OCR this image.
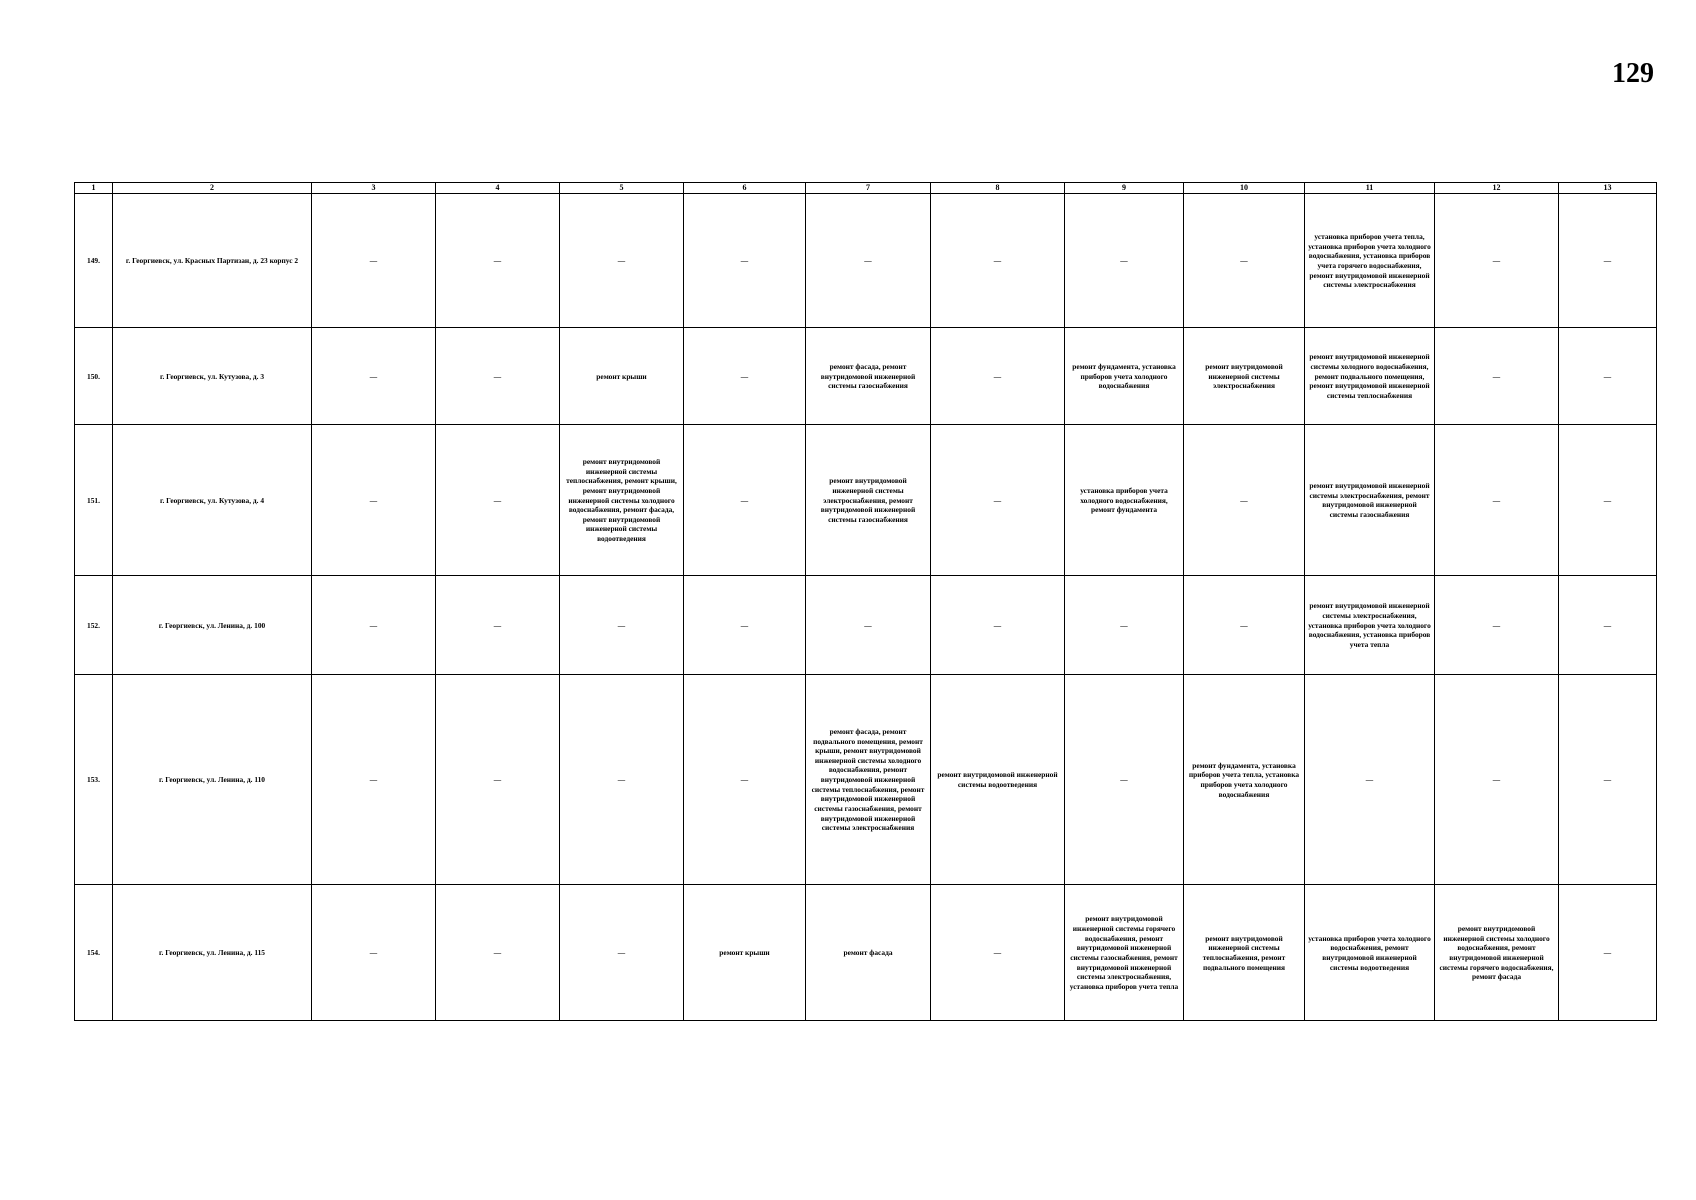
129
1	2	3	4	5	6	7	8	9	10	11	12	13
149.	г. Георгиевск, ул. Красных Партизан, д. 23 корпус 2	—	—	—	—	—	—	—	—	установка приборов учета тепла, установка приборов учета холодного водоснабжения, установка приборов учета горячего водоснабжения, ремонт внутридомовой инженерной системы электроснабжения	—	—
150.	г. Георгиевск, ул. Кутузова, д. 3	—	—	ремонт крыши	—	ремонт фасада, ремонт внутридомовой инженерной системы газоснабжения	—	ремонт фундамента, установка приборов учета холодного водоснабжения	ремонт внутридомовой инженерной системы электроснабжения	ремонт внутридомовой инженерной системы холодного водоснабжения, ремонт подвального помещения, ремонт внутридомовой инженерной системы теплоснабжения	—	—
151.	г. Георгиевск, ул. Кутузова, д. 4	—	—	ремонт внутридомовой инженерной системы теплоснабжения, ремонт крыши, ремонт внутридомовой инженерной системы холодного водоснабжения, ремонт фасада, ремонт внутридомовой инженерной системы водоотведения	—	ремонт внутридомовой инженерной системы электроснабжения, ремонт внутридомовой инженерной системы газоснабжения	—	установка приборов учета холодного водоснабжения, ремонт фундамента	—	ремонт внутридомовой инженерной системы электроснабжения, ремонт внутридомовой инженерной системы газоснабжения	—	—
152.	г. Георгиевск, ул. Ленина, д. 100	—	—	—	—	—	—	—	—	ремонт внутридомовой инженерной системы электроснабжения, установка приборов учета холодного водоснабжения, установка приборов учета тепла	—	—
153.	г. Георгиевск, ул. Ленина, д. 110	—	—	—	—	ремонт фасада, ремонт подвального помещения, ремонт крыши, ремонт внутридомовой инженерной системы холодного водоснабжения, ремонт внутридомовой инженерной системы теплоснабжения, ремонт внутридомовой инженерной системы газоснабжения, ремонт внутридомовой инженерной системы электроснабжения	ремонт внутридомовой инженерной системы водоотведения	—	ремонт фундамента, установка приборов учета тепла, установка приборов учета холодного водоснабжения	—	—	—
154.	г. Георгиевск, ул. Ленина, д. 115	—	—	—	ремонт крыши	ремонт фасада	—	ремонт внутридомовой инженерной системы горячего водоснабжения, ремонт внутридомовой инженерной системы газоснабжения, ремонт внутридомовой инженерной системы электроснабжения, установка приборов учета тепла	ремонт внутридомовой инженерной системы теплоснабжения, ремонт подвального помещения	установка приборов учета холодного водоснабжения, ремонт внутридомовой инженерной системы водоотведения	ремонт внутридомовой инженерной системы холодного водоснабжения, ремонт внутридомовой инженерной системы горячего водоснабжения, ремонт фасада	—
